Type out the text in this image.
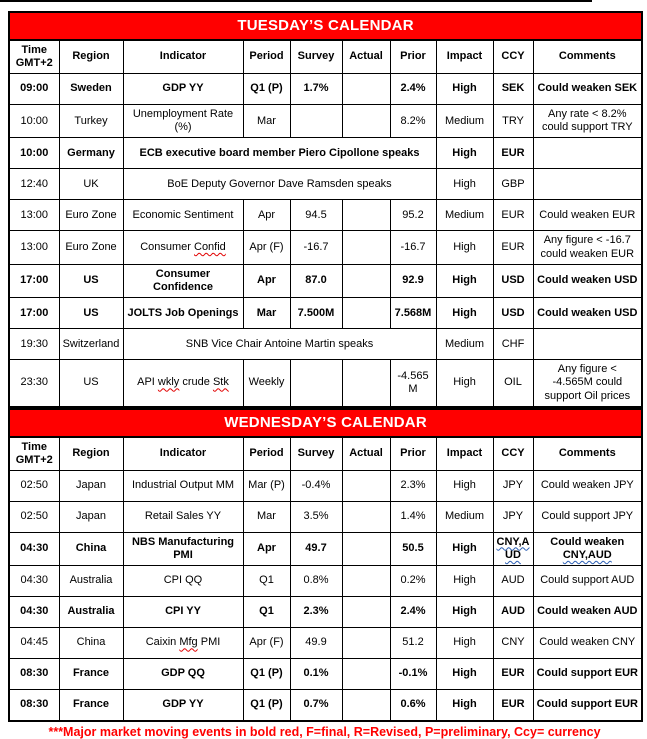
TUESDAY’S CALENDAR									
Time GMT+2	Region	Indicator	Period	Survey	Actual	Prior	Impact	CCY	Comments
09:00	Sweden	GDP YY	Q1 (P)	1.7%		2.4%	High	SEK	Could weaken SEK
10:00	Turkey	Unemployment Rate (%)	Mar			8.2%	Medium	TRY	Any rate < 8.2% could support TRY
10:00	Germany	ECB executive board member Piero Cipollone speaks					High	EUR	
12:40	UK	BoE Deputy Governor Dave Ramsden speaks					High	GBP	
13:00	Euro Zone	Economic Sentiment	Apr	94.5		95.2	Medium	EUR	Could weaken EUR
13:00	Euro Zone	Consumer Confid	Apr (F)	-16.7		-16.7	High	EUR	Any figure < -16.7 could weaken EUR
17:00	US	Consumer Confidence	Apr	87.0		92.9	High	USD	Could weaken USD
17:00	US	JOLTS Job Openings	Mar	7.500M		7.568M	High	USD	Could weaken USD
19:30	Switzerland	SNB Vice Chair Antoine Martin speaks					Medium	CHF	
23:30	US	API wkly crude Stk	Weekly			-4.565M	High	OIL	Any figure < -4.565M could support Oil prices
WEDNESDAY’S CALENDAR									
Time GMT+2	Region	Indicator	Period	Survey	Actual	Prior	Impact	CCY	Comments
02:50	Japan	Industrial Output MM	Mar (P)	-0.4%		2.3%	High	JPY	Could weaken JPY
02:50	Japan	Retail Sales YY	Mar	3.5%		1.4%	Medium	JPY	Could support JPY
04:30	China	NBS Manufacturing PMI	Apr	49.7		50.5	High	CNY,AUD	Could weaken CNY,AUD
04:30	Australia	CPI QQ	Q1	0.8%		0.2%	High	AUD	Could support AUD
04:30	Australia	CPI YY	Q1	2.3%		2.4%	High	AUD	Could weaken AUD
04:45	China	Caixin Mfg PMI	Apr (F)	49.9		51.2	High	CNY	Could weaken CNY
08:30	France	GDP QQ	Q1 (P)	0.1%		-0.1%	High	EUR	Could support EUR
08:30	France	GDP YY	Q1 (P)	0.7%		0.6%	High	EUR	Could support EUR
***Major market moving events in bold red, F=final, R=Revised, P=preliminary, Ccy= currency
